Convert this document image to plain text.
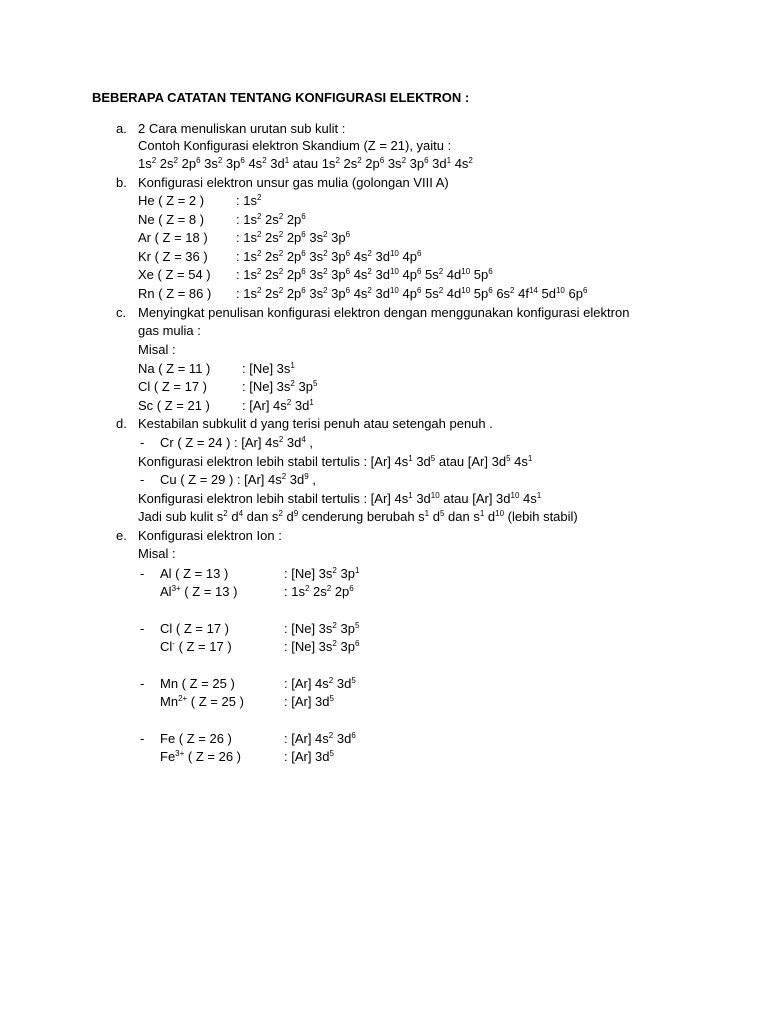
BEBERAPA CATATAN TENTANG KONFIGURASI ELEKTRON :
a. 2 Cara menuliskan urutan sub kulit :
Contoh Konfigurasi elektron Skandium (Z = 21), yaitu :
$1s^2$ $2s^2$ $2p^6$ $3s^2$ $3p^6$ $4s^2$ $3d^1$ atau $1s^2$ $2s^2$ $2p^6$ $3s^2$ $3p^6$ $3d^1$ $4s^2$
b. Konfigurasi elektron unsur gas mulia (golongan VIII A)
He ( Z = 2 ) : $1s^2$
Ne ( Z = 8 ) : $1s^2$ $2s^2$ $2p^6$
Ar ( Z = 18 ) : $1s^2$ $2s^2$ $2p^6$ $3s^2$ $3p^6$
Kr ( Z = 36 ) : $1s^2$ $2s^2$ $2p^6$ $3s^2$ $3p^6$ $4s^2$ $3d^{10}$ $4p^6$
Xe ( Z = 54 ) : $1s^2$ $2s^2$ $2p^6$ $3s^2$ $3p^6$ $4s^2$ $3d^{10}$ $4p^6$ $5s^2$ $4d^{10}$ $5p^6$
Rn ( Z = 86 ) : $1s^2$ $2s^2$ $2p^6$ $3s^2$ $3p^6$ $4s^2$ $3d^{10}$ $4p^6$ $5s^2$ $4d^{10}$ $5p^6$ $6s^2$ $4f^{14}$ $5d^{10}$ $6p^6$
c. Menyingkat penulisan konfigurasi elektron dengan menggunakan konfigurasi elektron
gas mulia :
Misal :
Na ( Z = 11 ) : [Ne] $3s^1$
Cl ( Z = 17 )	: [Ne] $3s^2$ $3p^5$
Sc ( Z = 21 ) : [Ar] $4s^2$ $3d^1$
d. Kestabilan subkulit d yang terisi penuh atau setengah penuh .
- Cr ( Z = 24 ) : [Ar] $4s^2$ $3d^4$ ,
Konfigurasi elektron lebih stabil tertulis : [Ar] $4s^1$ $3d^5$ atau [Ar] $3d^5$ $4s^1$
- Cu ( Z = 29 ) : [Ar] $4s^2$ $3d^9$ ,
Konfigurasi elektron lebih stabil tertulis : [Ar] $4s^1$ $3d^{10}$ atau [Ar] $3d^{10}$ $4s^1$
Jadi sub kulit $s^2$ $d^4$ dan $s^2$ $d^9$ cenderung berubah $s^1$ $d^5$ dan $s^1$ $d^{10}$ (lebih stabil)
e. Konfigurasi elektron Ion :
Misal :
- Al ( Z = 13 )	: [Ne] $3s^2$ $3p^1$
$Al^{3+}$ ( Z = 13 )	: $1s^2$ $2s^2$ $2p^6$
- Cl ( Z = 17 )	: [Ne] $3s^2$ $3p^5$
Cl- ( Z = 17 )	: [Ne] $3s^2$ $3p^6$
- Mn ( Z = 25 )	: [Ar] $4s^2$ $3d^5$
$Mn^{2+}$ ( Z = 25 )	: [Ar] $3d^5$
- Fe ( Z = 26 )	: [Ar] $4s^2$ $3d^6$
$Fe^{3+}$ ( Z = 26 )	: [Ar] $3d^5$
